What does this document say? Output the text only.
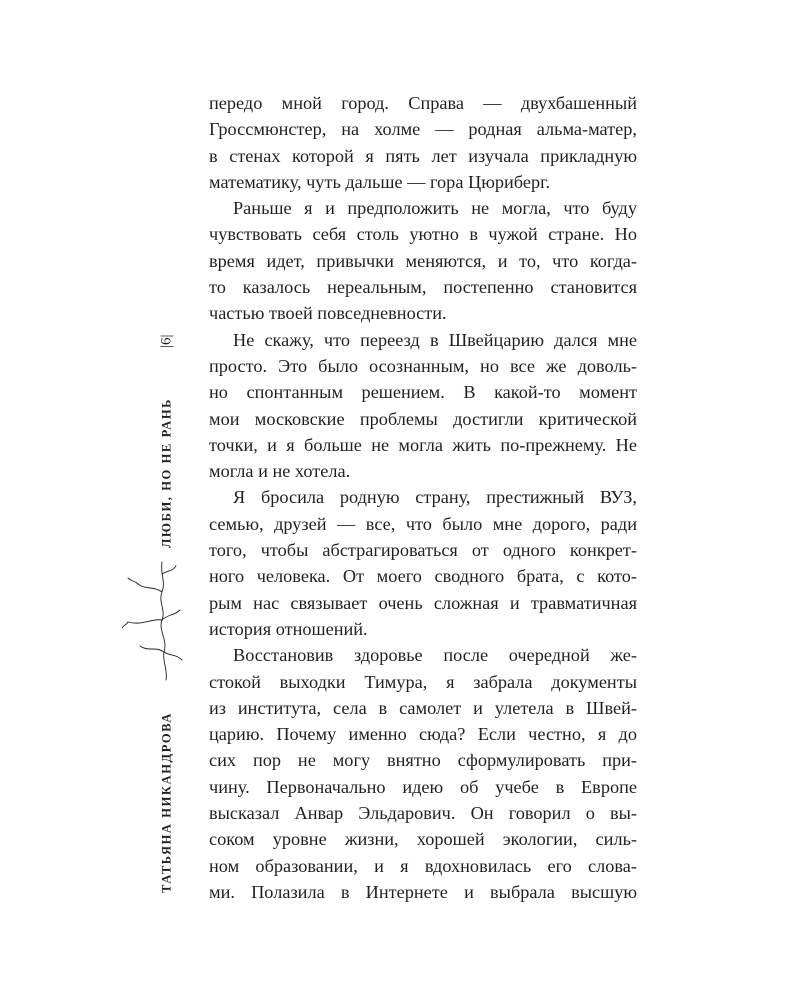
|6|
ЛЮБИ, НО НЕ РАНЬ
ТАТЬЯНА НИКАНДРОВА
передо мной город. Справа — двухбашенный
Гроссмюнстер, на холме — родная альма-матер,
в стенах которой я пять лет изучала прикладную
математику, чуть дальше — гора Цюриберг.
Раньше я и предположить не могла, что буду
чувствовать себя столь уютно в чужой стране. Но
время идет, привычки меняются, и то, что когда-
то казалось нереальным, постепенно становится
частью твоей повседневности.
Не скажу, что переезд в Швейцарию дался мне
просто. Это было осознанным, но все же доволь-
но спонтанным решением. В какой-то момент
мои московские проблемы достигли критической
точки, и я больше не могла жить по-прежнему. Не
могла и не хотела.
Я бросила родную страну, престижный ВУЗ,
семью, друзей — все, что было мне дорого, ради
того, чтобы абстрагироваться от одного конкрет-
ного человека. От моего сводного брата, с кото-
рым нас связывает очень сложная и травматичная
история отношений.
Восстановив здоровье после очередной же-
стокой выходки Тимура, я забрала документы
из института, села в самолет и улетела в Швей-
царию. Почему именно сюда? Если честно, я до
сих пор не могу внятно сформулировать при-
чину. Первоначально идею об учебе в Европе
высказал Анвар Эльдарович. Он говорил о вы-
соком уровне жизни, хорошей экологии, силь-
ном образовании, и я вдохновилась его слова-
ми. Полазила в Интернете и выбрала высшую
